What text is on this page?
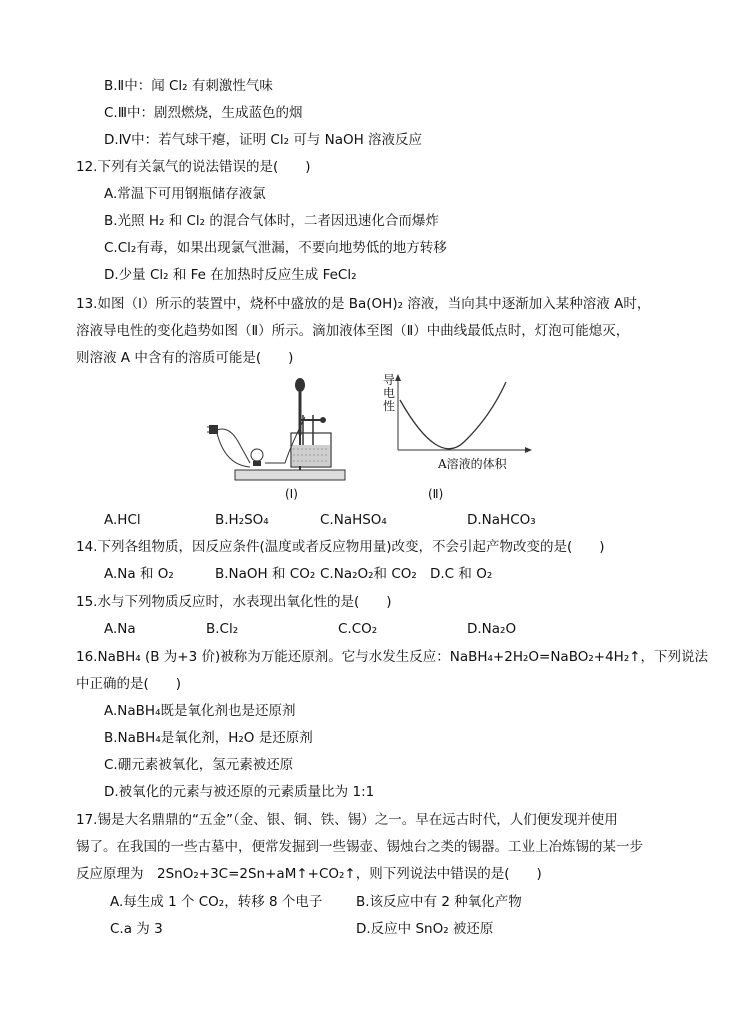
B.Ⅱ中：闻 Cl₂ 有刺激性气味
C.Ⅲ中：剧烈燃烧，生成蓝色的烟
D.Ⅳ中：若气球干瘪，证明 Cl₂ 可与 NaOH 溶液反应
12.下列有关氯气的说法错误的是(　　)
A.常温下可用钢瓶储存液氯
B.光照 H₂ 和 Cl₂ 的混合气体时，二者因迅速化合而爆炸
C.Cl₂有毒，如果出现氯气泄漏，不要向地势低的地方转移
D.少量 Cl₂ 和 Fe 在加热时反应生成 FeCl₂
13.如图（Ⅰ）所示的装置中，烧杯中盛放的是 Ba(OH)₂ 溶液，当向其中逐渐加入某种溶液 A时，
溶液导电性的变化趋势如图（Ⅱ）所示。滴加液体至图（Ⅱ）中曲线最低点时，灯泡可能熄灭，
则溶液 A 中含有的溶质可能是(　　)
(Ⅰ)
导
电
性
A溶液的体积
(Ⅱ)
A.HCl	B.H₂SO₄	C.NaHSO₄	D.NaHCO₃
14.下列各组物质，因反应条件(温度或者反应物用量)改变，不会引起产物改变的是(　　)
A.Na 和 O₂	B.NaOH 和 CO₂ C.Na₂O₂和 CO₂ D.C 和 O₂
15.水与下列物质反应时，水表现出氧化性的是(　　)
A.Na	B.Cl₂	C.CO₂	D.Na₂O
16.NaBH₄ (B 为+3 价)被称为万能还原剂。它与水发生反应：NaBH₄+2H₂O=NaBO₂+4H₂↑，下列说法
中正确的是(　　)
A.NaBH₄既是氧化剂也是还原剂
B.NaBH₄是氧化剂，H₂O 是还原剂
C.硼元素被氧化，氢元素被还原
D.被氧化的元素与被还原的元素质量比为 1:1
17.锡是大名鼎鼎的“五金”（金、银、铜、铁、锡）之一。早在远古时代，人们便发现并使用
锡了。在我国的一些古墓中，便常发掘到一些锡壶、锡烛台之类的锡器。工业上冶炼锡的某一步
反应原理为　2SnO₂+3C=2Sn+aM↑+CO₂↑，则下列说法中错误的是(　　)
A.每生成 1 个 CO₂，转移 8 个电子 B.该反应中有 2 种氧化产物
C.a 为 3	D.反应中 SnO₂ 被还原
